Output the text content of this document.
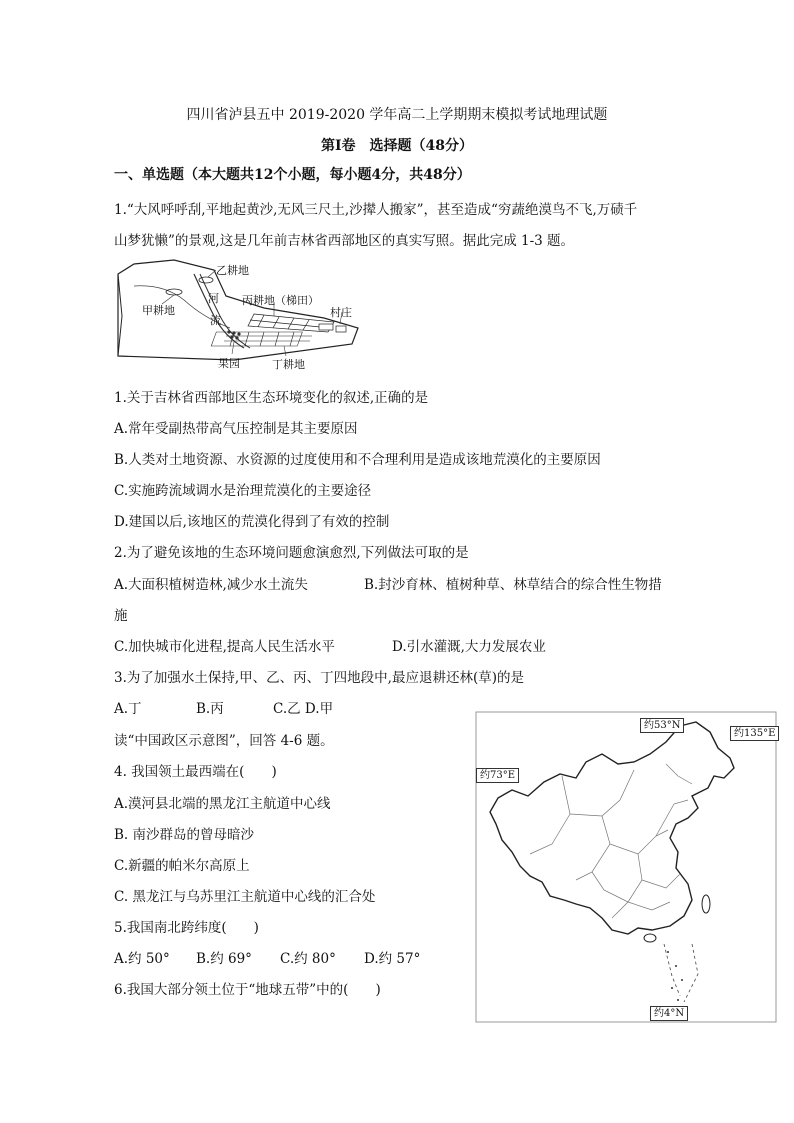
四川省泸县五中 2019-2020 学年高二上学期期末模拟考试地理试题
第Ⅰ卷　选择题（48分）
一、单选题（本大题共12个小题，每小题4分，共48分）
1.“大风呼呼刮,平地起黄沙,无风三尺土,沙撵人搬家”，甚至造成“穷蔬绝漠鸟不飞,万碛千
山梦犹懒”的景观,这是几年前吉林省西部地区的真实写照。据此完成 1-3 题。
乙耕地
甲耕地
河
流
丙耕地（梯田）
村庄
果园	丁耕地
1.关于吉林省西部地区生态环境变化的叙述,正确的是
A.常年受副热带高气压控制是其主要原因
B.人类对土地资源、水资源的过度使用和不合理利用是造成该地荒漠化的主要原因
C.实施跨流域调水是治理荒漠化的主要途径
D.建国以后,该地区的荒漠化得到了有效的控制
2.为了避免该地的生态环境问题愈演愈烈,下列做法可取的是
A.大面积植树造林,减少水土流失	B.封沙育林、植树种草、林草结合的综合性生物措
施
C.加快城市化进程,提高人民生活水平	D.引水灌溉,大力发展农业
3.为了加强水土保持,甲、乙、丙、丁四地段中,最应退耕还林(草)的是
A.丁	B.丙	C.乙 D.甲
读“中国政区示意图”，回答 4-6 题。
4. 我国领土最西端在(　　)
A.漠河县北端的黑龙江主航道中心线
B. 南沙群岛的曾母暗沙
C.新疆的帕米尔高原上
C. 黑龙江与乌苏里江主航道中心线的汇合处
5.我国南北跨纬度(　　)
A.约 50° B.约 69° C.约 80° D.约 57°
6.我国大部分领土位于“地球五带”中的(　　)
约53°N
约135°E
约73°E
约4°N
